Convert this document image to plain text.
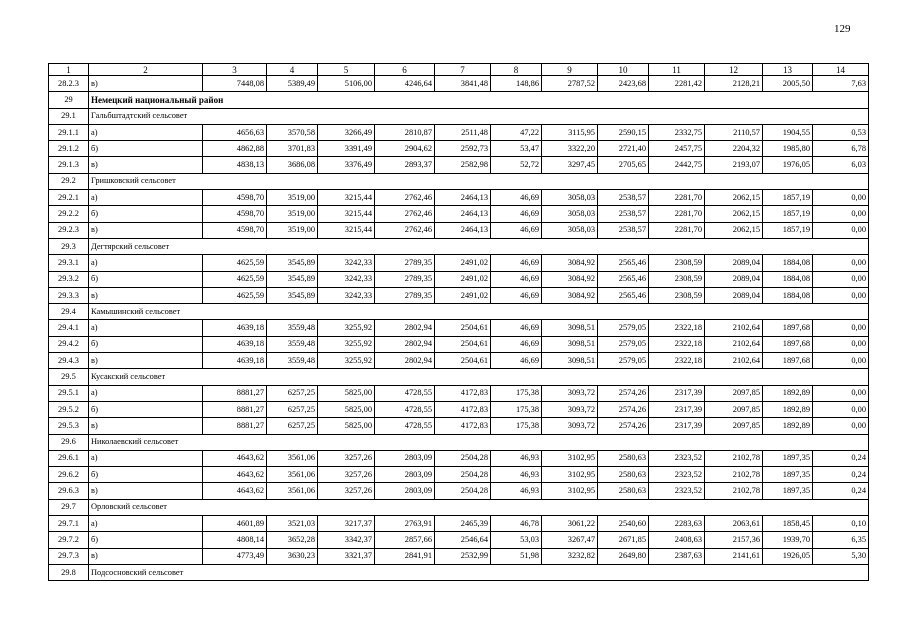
129
1	2	3	4	5	6	7	8	9	10	11	12	13	14
28.2.3	в)	7448,08	5389,49	5106,00	4246,64	3841,48	148,86	2787,52	2423,68	2281,42	2128,21	2005,50	7,63
29	Немецкий национальный район												
29.1	Гальбштадтский сельсовет												
29.1.1	а)	4656,63	3570,58	3266,49	2810,87	2511,48	47,22	3115,95	2590,15	2332,75	2110,57	1904,55	0,53
29.1.2	б)	4862,88	3701,83	3391,49	2904,62	2592,73	53,47	3322,20	2721,40	2457,75	2204,32	1985,80	6,78
29.1.3	в)	4838,13	3686,08	3376,49	2893,37	2582,98	52,72	3297,45	2705,65	2442,75	2193,07	1976,05	6,03
29.2	Гришковский сельсовет												
29.2.1	а)	4598,70	3519,00	3215,44	2762,46	2464,13	46,69	3058,03	2538,57	2281,70	2062,15	1857,19	0,00
29.2.2	б)	4598,70	3519,00	3215,44	2762,46	2464,13	46,69	3058,03	2538,57	2281,70	2062,15	1857,19	0,00
29.2.3	в)	4598,70	3519,00	3215,44	2762,46	2464,13	46,69	3058,03	2538,57	2281,70	2062,15	1857,19	0,00
29.3	Дегтярский сельсовет												
29.3.1	а)	4625,59	3545,89	3242,33	2789,35	2491,02	46,69	3084,92	2565,46	2308,59	2089,04	1884,08	0,00
29.3.2	б)	4625,59	3545,89	3242,33	2789,35	2491,02	46,69	3084,92	2565,46	2308,59	2089,04	1884,08	0,00
29.3.3	в)	4625,59	3545,89	3242,33	2789,35	2491,02	46,69	3084,92	2565,46	2308,59	2089,04	1884,08	0,00
29.4	Камышинский сельсовет												
29.4.1	а)	4639,18	3559,48	3255,92	2802,94	2504,61	46,69	3098,51	2579,05	2322,18	2102,64	1897,68	0,00
29.4.2	б)	4639,18	3559,48	3255,92	2802,94	2504,61	46,69	3098,51	2579,05	2322,18	2102,64	1897,68	0,00
29.4.3	в)	4639,18	3559,48	3255,92	2802,94	2504,61	46,69	3098,51	2579,05	2322,18	2102,64	1897,68	0,00
29.5	Кусакский сельсовет												
29.5.1	а)	8881,27	6257,25	5825,00	4728,55	4172,83	175,38	3093,72	2574,26	2317,39	2097,85	1892,89	0,00
29.5.2	б)	8881,27	6257,25	5825,00	4728,55	4172,83	175,38	3093,72	2574,26	2317,39	2097,85	1892,89	0,00
29.5.3	в)	8881,27	6257,25	5825,00	4728,55	4172,83	175,38	3093,72	2574,26	2317,39	2097,85	1892,89	0,00
29.6	Николаевский сельсовет												
29.6.1	а)	4643,62	3561,06	3257,26	2803,09	2504,28	46,93	3102,95	2580,63	2323,52	2102,78	1897,35	0,24
29.6.2	б)	4643,62	3561,06	3257,26	2803,09	2504,28	46,93	3102,95	2580,63	2323,52	2102,78	1897,35	0,24
29.6.3	в)	4643,62	3561,06	3257,26	2803,09	2504,28	46,93	3102,95	2580,63	2323,52	2102,78	1897,35	0,24
29.7	Орловский сельсовет												
29.7.1	а)	4601,89	3521,03	3217,37	2763,91	2465,39	46,78	3061,22	2540,60	2283,63	2063,61	1858,45	0,10
29.7.2	б)	4808,14	3652,28	3342,37	2857,66	2546,64	53,03	3267,47	2671,85	2408,63	2157,36	1939,70	6,35
29.7.3	в)	4773,49	3630,23	3321,37	2841,91	2532,99	51,98	3232,82	2649,80	2387,63	2141,61	1926,05	5,30
29.8	Подсосновский сельсовет												
